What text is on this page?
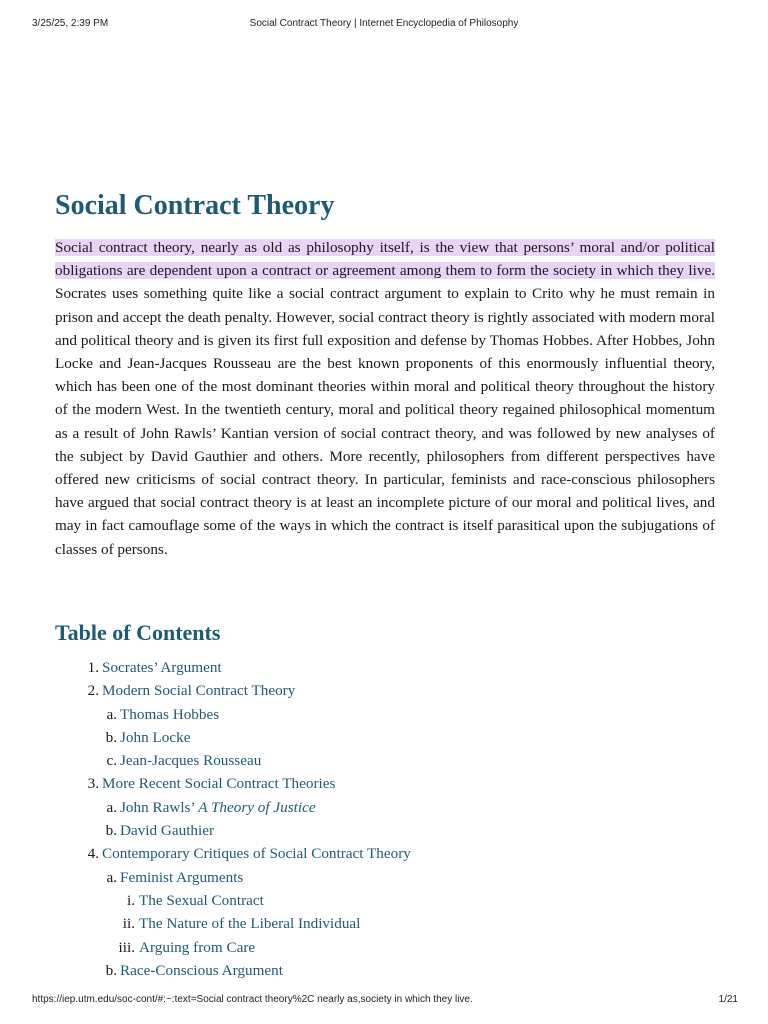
3/25/25, 2:39 PM	Social Contract Theory | Internet Encyclopedia of Philosophy
Social Contract Theory

Social contract theory, nearly as old as philosophy itself, is the view that persons’ moral and/or political obligations are dependent upon a contract or agreement among them to form the society in which they live. Socrates uses something quite like a social contract argument to explain to Crito why he must remain in prison and accept the death penalty. However, social contract theory is rightly associated with modern moral and political theory and is given its first full exposition and defense by Thomas Hobbes. After Hobbes, John Locke and Jean-Jacques Rousseau are the best known proponents of this enormously influential theory, which has been one of the most dominant theories within moral and political theory throughout the history of the modern West. In the twentieth century, moral and political theory regained philosophical momentum as a result of John Rawls’ Kantian version of social contract theory, and was followed by new analyses of the subject by David Gauthier and others. More recently, philosophers from different perspectives have offered new criticisms of social contract theory. In particular, feminists and race-conscious philosophers have argued that social contract theory is at least an incomplete picture of our moral and political lives, and may in fact camouflage some of the ways in which the contract is itself parasitical upon the subjugations of classes of persons.

Table of Contents
1. Socrates’ Argument
2. Modern Social Contract Theory
a. Thomas Hobbes
b. John Locke
c. Jean-Jacques Rousseau
3. More Recent Social Contract Theories
a. John Rawls’ A Theory of Justice
b. David Gauthier
4. Contemporary Critiques of Social Contract Theory
a. Feminist Arguments
i. The Sexual Contract
ii. The Nature of the Liberal Individual
iii. Arguing from Care
b. Race-Conscious Argument
https://iep.utm.edu/soc-cont/#:~:text=Social contract theory%2C nearly as,society in which they live.	1/21
